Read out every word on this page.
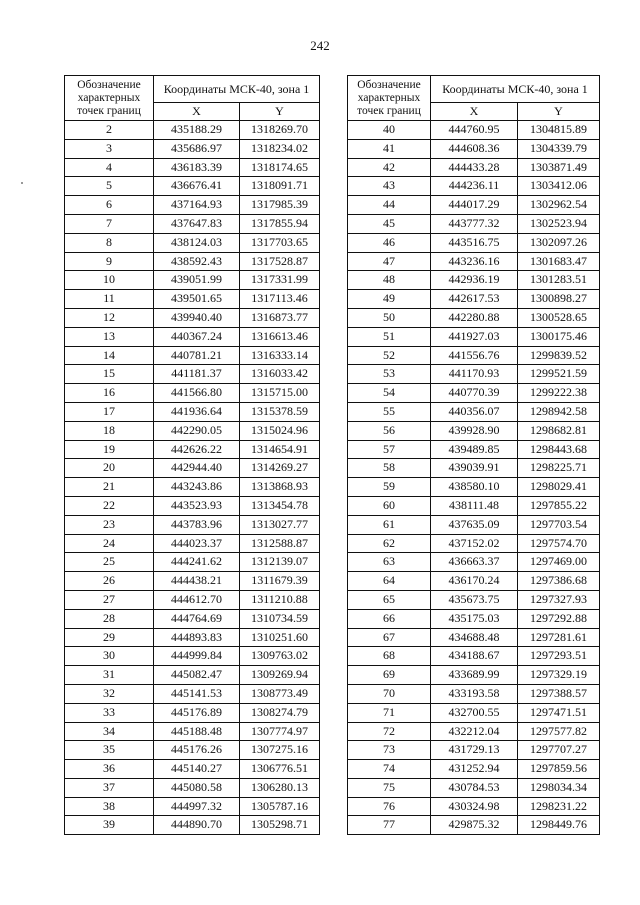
242
Обозначение характерных точек границ	Координаты МСК-40, зона 1	
	X	Y
2	435188.29	1318269.70
3	435686.97	1318234.02
4	436183.39	1318174.65
5	436676.41	1318091.71
6	437164.93	1317985.39
7	437647.83	1317855.94
8	438124.03	1317703.65
9	438592.43	1317528.87
10	439051.99	1317331.99
11	439501.65	1317113.46
12	439940.40	1316873.77
13	440367.24	1316613.46
14	440781.21	1316333.14
15	441181.37	1316033.42
16	441566.80	1315715.00
17	441936.64	1315378.59
18	442290.05	1315024.96
19	442626.22	1314654.91
20	442944.40	1314269.27
21	443243.86	1313868.93
22	443523.93	1313454.78
23	443783.96	1313027.77
24	444023.37	1312588.87
25	444241.62	1312139.07
26	444438.21	1311679.39
27	444612.70	1311210.88
28	444764.69	1310734.59
29	444893.83	1310251.60
30	444999.84	1309763.02
31	445082.47	1309269.94
32	445141.53	1308773.49
33	445176.89	1308274.79
34	445188.48	1307774.97
35	445176.26	1307275.16
36	445140.27	1306776.51
37	445080.58	1306280.13
38	444997.32	1305787.16
39	444890.70	1305298.71
Обозначение характерных точек границ	Координаты МСК-40, зона 1	
	X	Y
40	444760.95	1304815.89
41	444608.36	1304339.79
42	444433.28	1303871.49
43	444236.11	1303412.06
44	444017.29	1302962.54
45	443777.32	1302523.94
46	443516.75	1302097.26
47	443236.16	1301683.47
48	442936.19	1301283.51
49	442617.53	1300898.27
50	442280.88	1300528.65
51	441927.03	1300175.46
52	441556.76	1299839.52
53	441170.93	1299521.59
54	440770.39	1299222.38
55	440356.07	1298942.58
56	439928.90	1298682.81
57	439489.85	1298443.68
58	439039.91	1298225.71
59	438580.10	1298029.41
60	438111.48	1297855.22
61	437635.09	1297703.54
62	437152.02	1297574.70
63	436663.37	1297469.00
64	436170.24	1297386.68
65	435673.75	1297327.93
66	435175.03	1297292.88
67	434688.48	1297281.61
68	434188.67	1297293.51
69	433689.99	1297329.19
70	433193.58	1297388.57
71	432700.55	1297471.51
72	432212.04	1297577.82
73	431729.13	1297707.27
74	431252.94	1297859.56
75	430784.53	1298034.34
76	430324.98	1298231.22
77	429875.32	1298449.76
